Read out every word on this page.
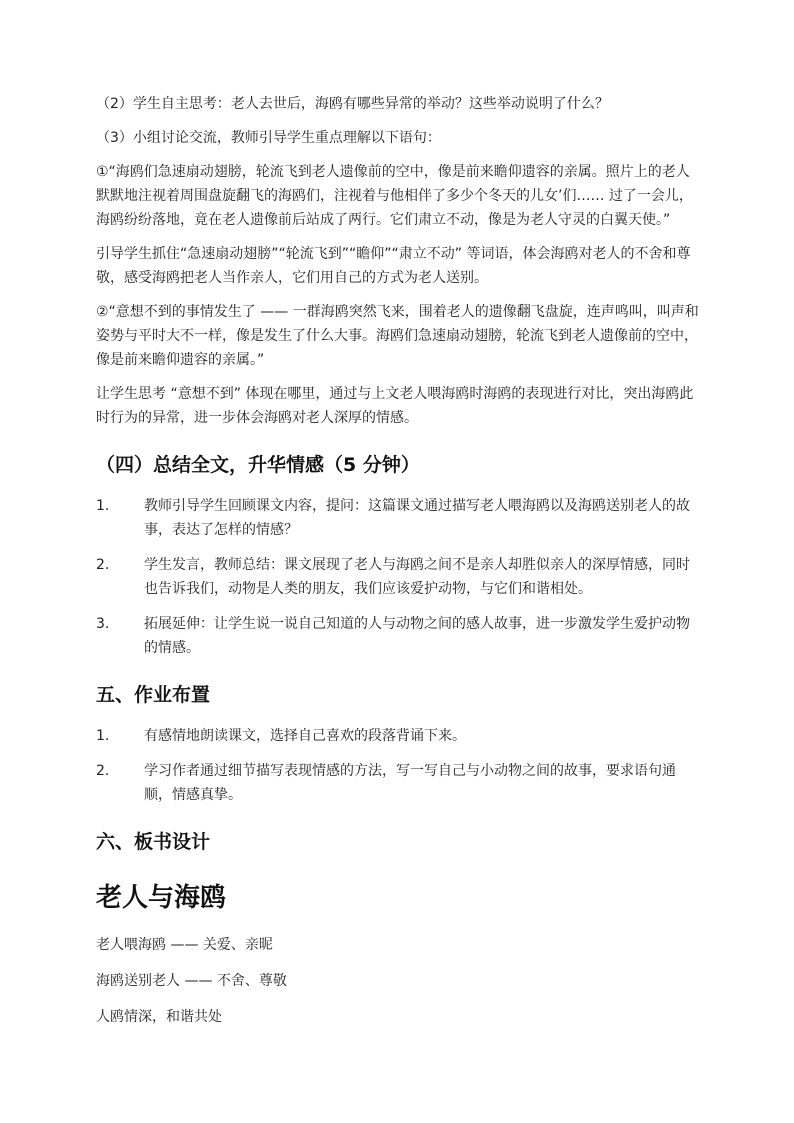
（2）学生自主思考：老人去世后，海鸥有哪些异常的举动？这些举动说明了什么？

（3）小组讨论交流，教师引导学生重点理解以下语句：

①“海鸥们急速扇动翅膀，轮流飞到老人遗像前的空中，像是前来瞻仰遗容的亲属。照片上的老人默默地注视着周围盘旋翻飞的海鸥们，注视着与他相伴了多少个冬天的儿女’们…… 过了一会儿，海鸥纷纷落地，竟在老人遗像前后站成了两行。它们肃立不动，像是为老人守灵的白翼天使。”

引导学生抓住“急速扇动翅膀”“轮流飞到”“瞻仰”“肃立不动” 等词语，体会海鸥对老人的不舍和尊敬，感受海鸥把老人当作亲人，它们用自己的方式为老人送别。

②“意想不到的事情发生了 —— 一群海鸥突然飞来，围着老人的遗像翻飞盘旋，连声鸣叫，叫声和姿势与平时大不一样，像是发生了什么大事。海鸥们急速扇动翅膀，轮流飞到老人遗像前的空中，像是前来瞻仰遗容的亲属。”

让学生思考 “意想不到” 体现在哪里，通过与上文老人喂海鸥时海鸥的表现进行对比，突出海鸥此时行为的异常，进一步体会海鸥对老人深厚的情感。

（四）总结全文，升华情感（5 分钟）
1.	教师引导学生回顾课文内容，提问：这篇课文通过描写老人喂海鸥以及海鸥送别老人的故事，表达了怎样的情感？
2.	学生发言，教师总结：课文展现了老人与海鸥之间不是亲人却胜似亲人的深厚情感，同时也告诉我们，动物是人类的朋友，我们应该爱护动物，与它们和谐相处。
3.	拓展延伸：让学生说一说自己知道的人与动物之间的感人故事，进一步激发学生爱护动物的情感。
五、作业布置
1.	有感情地朗读课文，选择自己喜欢的段落背诵下来。
2.	学习作者通过细节描写表现情感的方法，写一写自己与小动物之间的故事，要求语句通顺，情感真挚。
六、板书设计
老人与海鸥

老人喂海鸥 —— 关爱、亲昵

海鸥送别老人 —— 不舍、尊敬

人鸥情深，和谐共处
